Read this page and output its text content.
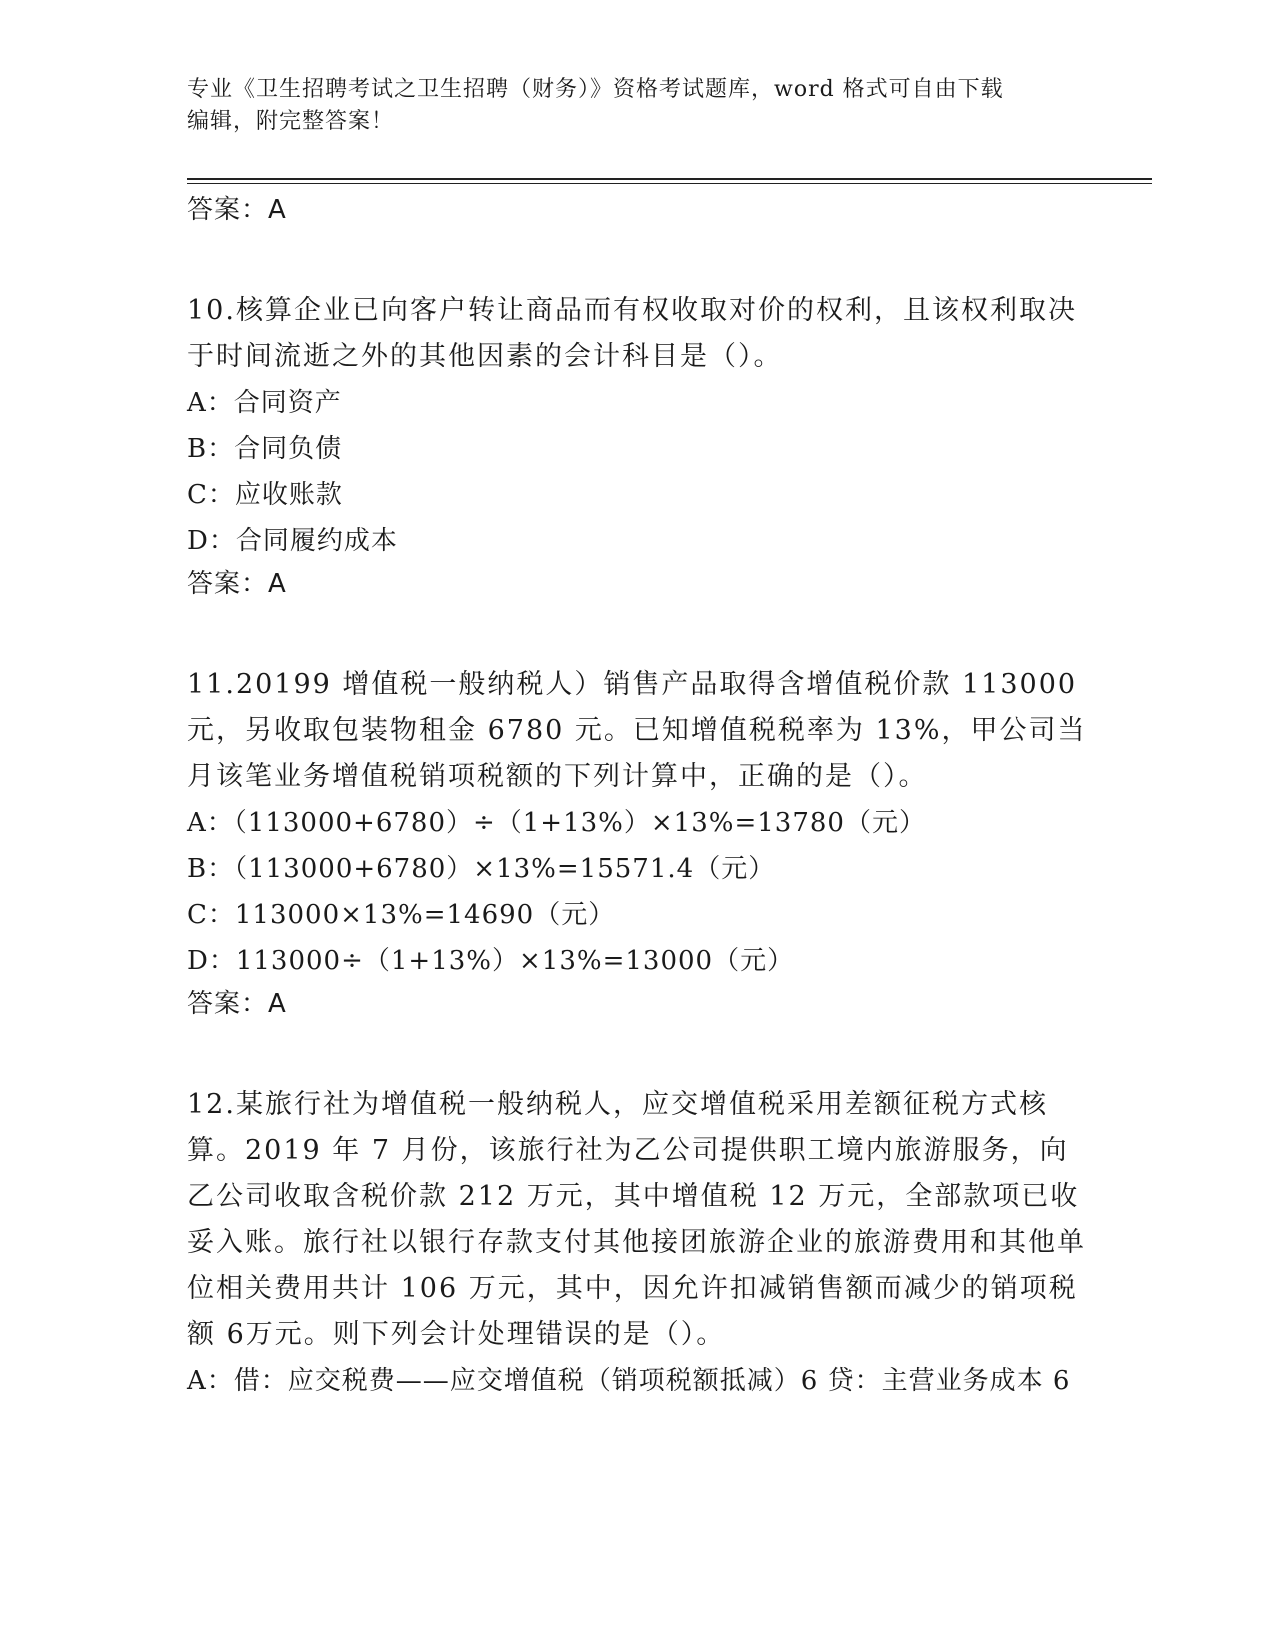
专业《卫生招聘考试之卫生招聘（财务）》资格考试题库，word 格式可自由下载
编辑，附完整答案！

答案：A

10.核算企业已向客户转让商品而有权收取对价的权利，且该权利取决于时间流逝之外的其他因素的会计科目是（）。

A：合同资产

B：合同负债

C：应收账款

D：合同履约成本

答案：A

11.20199 增值税一般纳税人）销售产品取得含增值税价款 113000 元，另收取包装物租金 6780 元。已知增值税税率为 13%，甲公司当月该笔业务增值税销项税额的下列计算中，正确的是（）。

A：（113000+6780）÷（1+13%）×13%=13780（元）

B：（113000+6780）×13%=15571.4（元）

C：113000×13%=14690（元）

D：113000÷（1+13%）×13%=13000（元）

答案：A

12.某旅行社为增值税一般纳税人，应交增值税采用差额征税方式核算。2019 年 7 月份，该旅行社为乙公司提供职工境内旅游服务，向乙公司收取含税价款 212 万元，其中增值税 12 万元，全部款项已收妥入账。旅行社以银行存款支付其他接团旅游企业的旅游费用和其他单位相关费用共计 106 万元，其中，因允许扣减销售额而减少的销项税额 6万元。则下列会计处理错误的是（）。

A：借：应交税费——应交增值税（销项税额抵减）6 贷：主营业务成本 6
